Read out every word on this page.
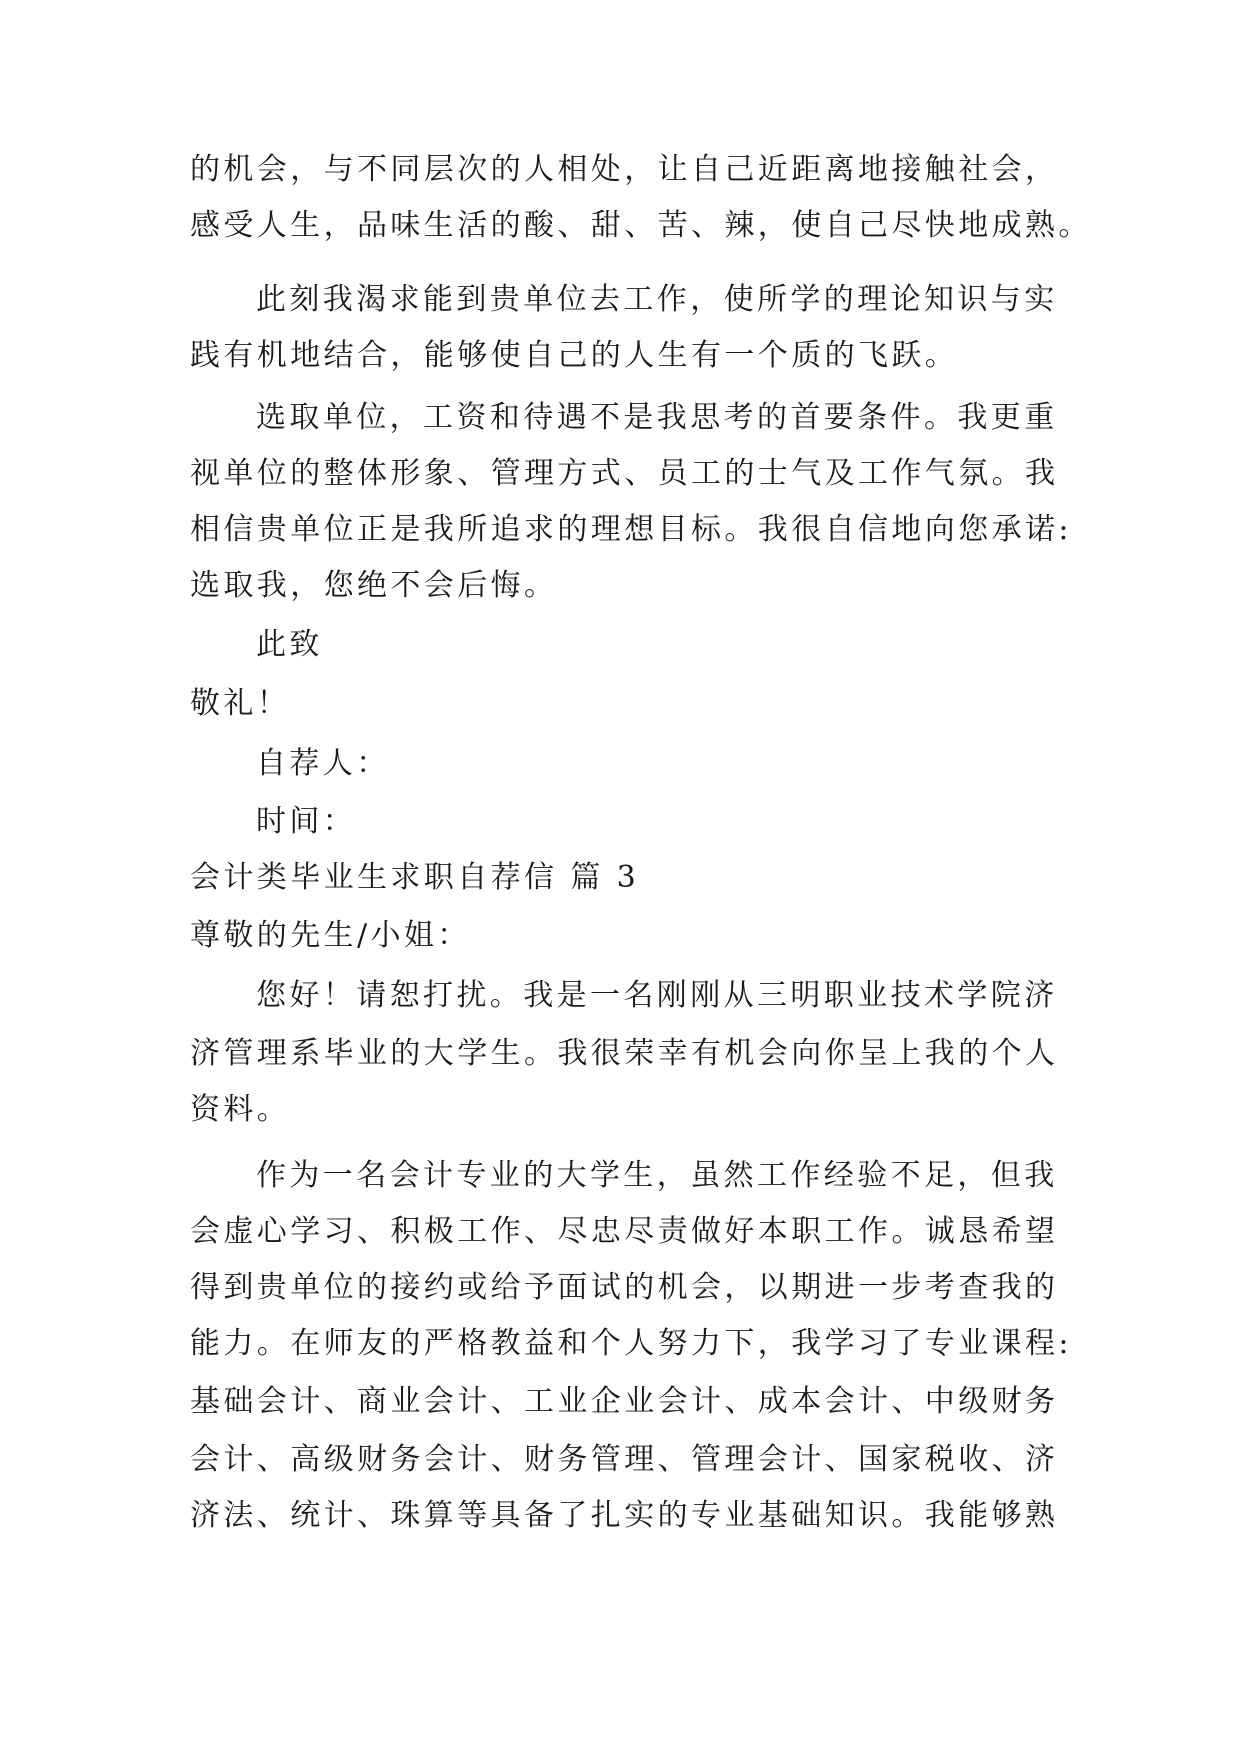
的机会，与不同层次的人相处，让自己近距离地接触社会，
感受人生，品味生活的酸、甜、苦、辣，使自己尽快地成熟。
此刻我渴求能到贵单位去工作，使所学的理论知识与实
践有机地结合，能够使自己的人生有一个质的飞跃。
选取单位，工资和待遇不是我思考的首要条件。我更重
视单位的整体形象、管理方式、员工的士气及工作气氛。我
相信贵单位正是我所追求的理想目标。我很自信地向您承诺:
选取我，您绝不会后悔。
此致
敬礼！
自荐人：
时间：
会计类毕业生求职自荐信 篇 3
尊敬的先生/小姐：
您好！请恕打扰。我是一名刚刚从三明职业技术学院济
济管理系毕业的大学生。我很荣幸有机会向你呈上我的个人
资料。
作为一名会计专业的大学生，虽然工作经验不足，但我
会虚心学习、积极工作、尽忠尽责做好本职工作。诚恳希望
得到贵单位的接约或给予面试的机会，以期进一步考查我的
能力。在师友的严格教益和个人努力下，我学习了专业课程:
基础会计、商业会计、工业企业会计、成本会计、中级财务
会计、高级财务会计、财务管理、管理会计、国家税收、济
济法、统计、珠算等具备了扎实的专业基础知识。我能够熟
